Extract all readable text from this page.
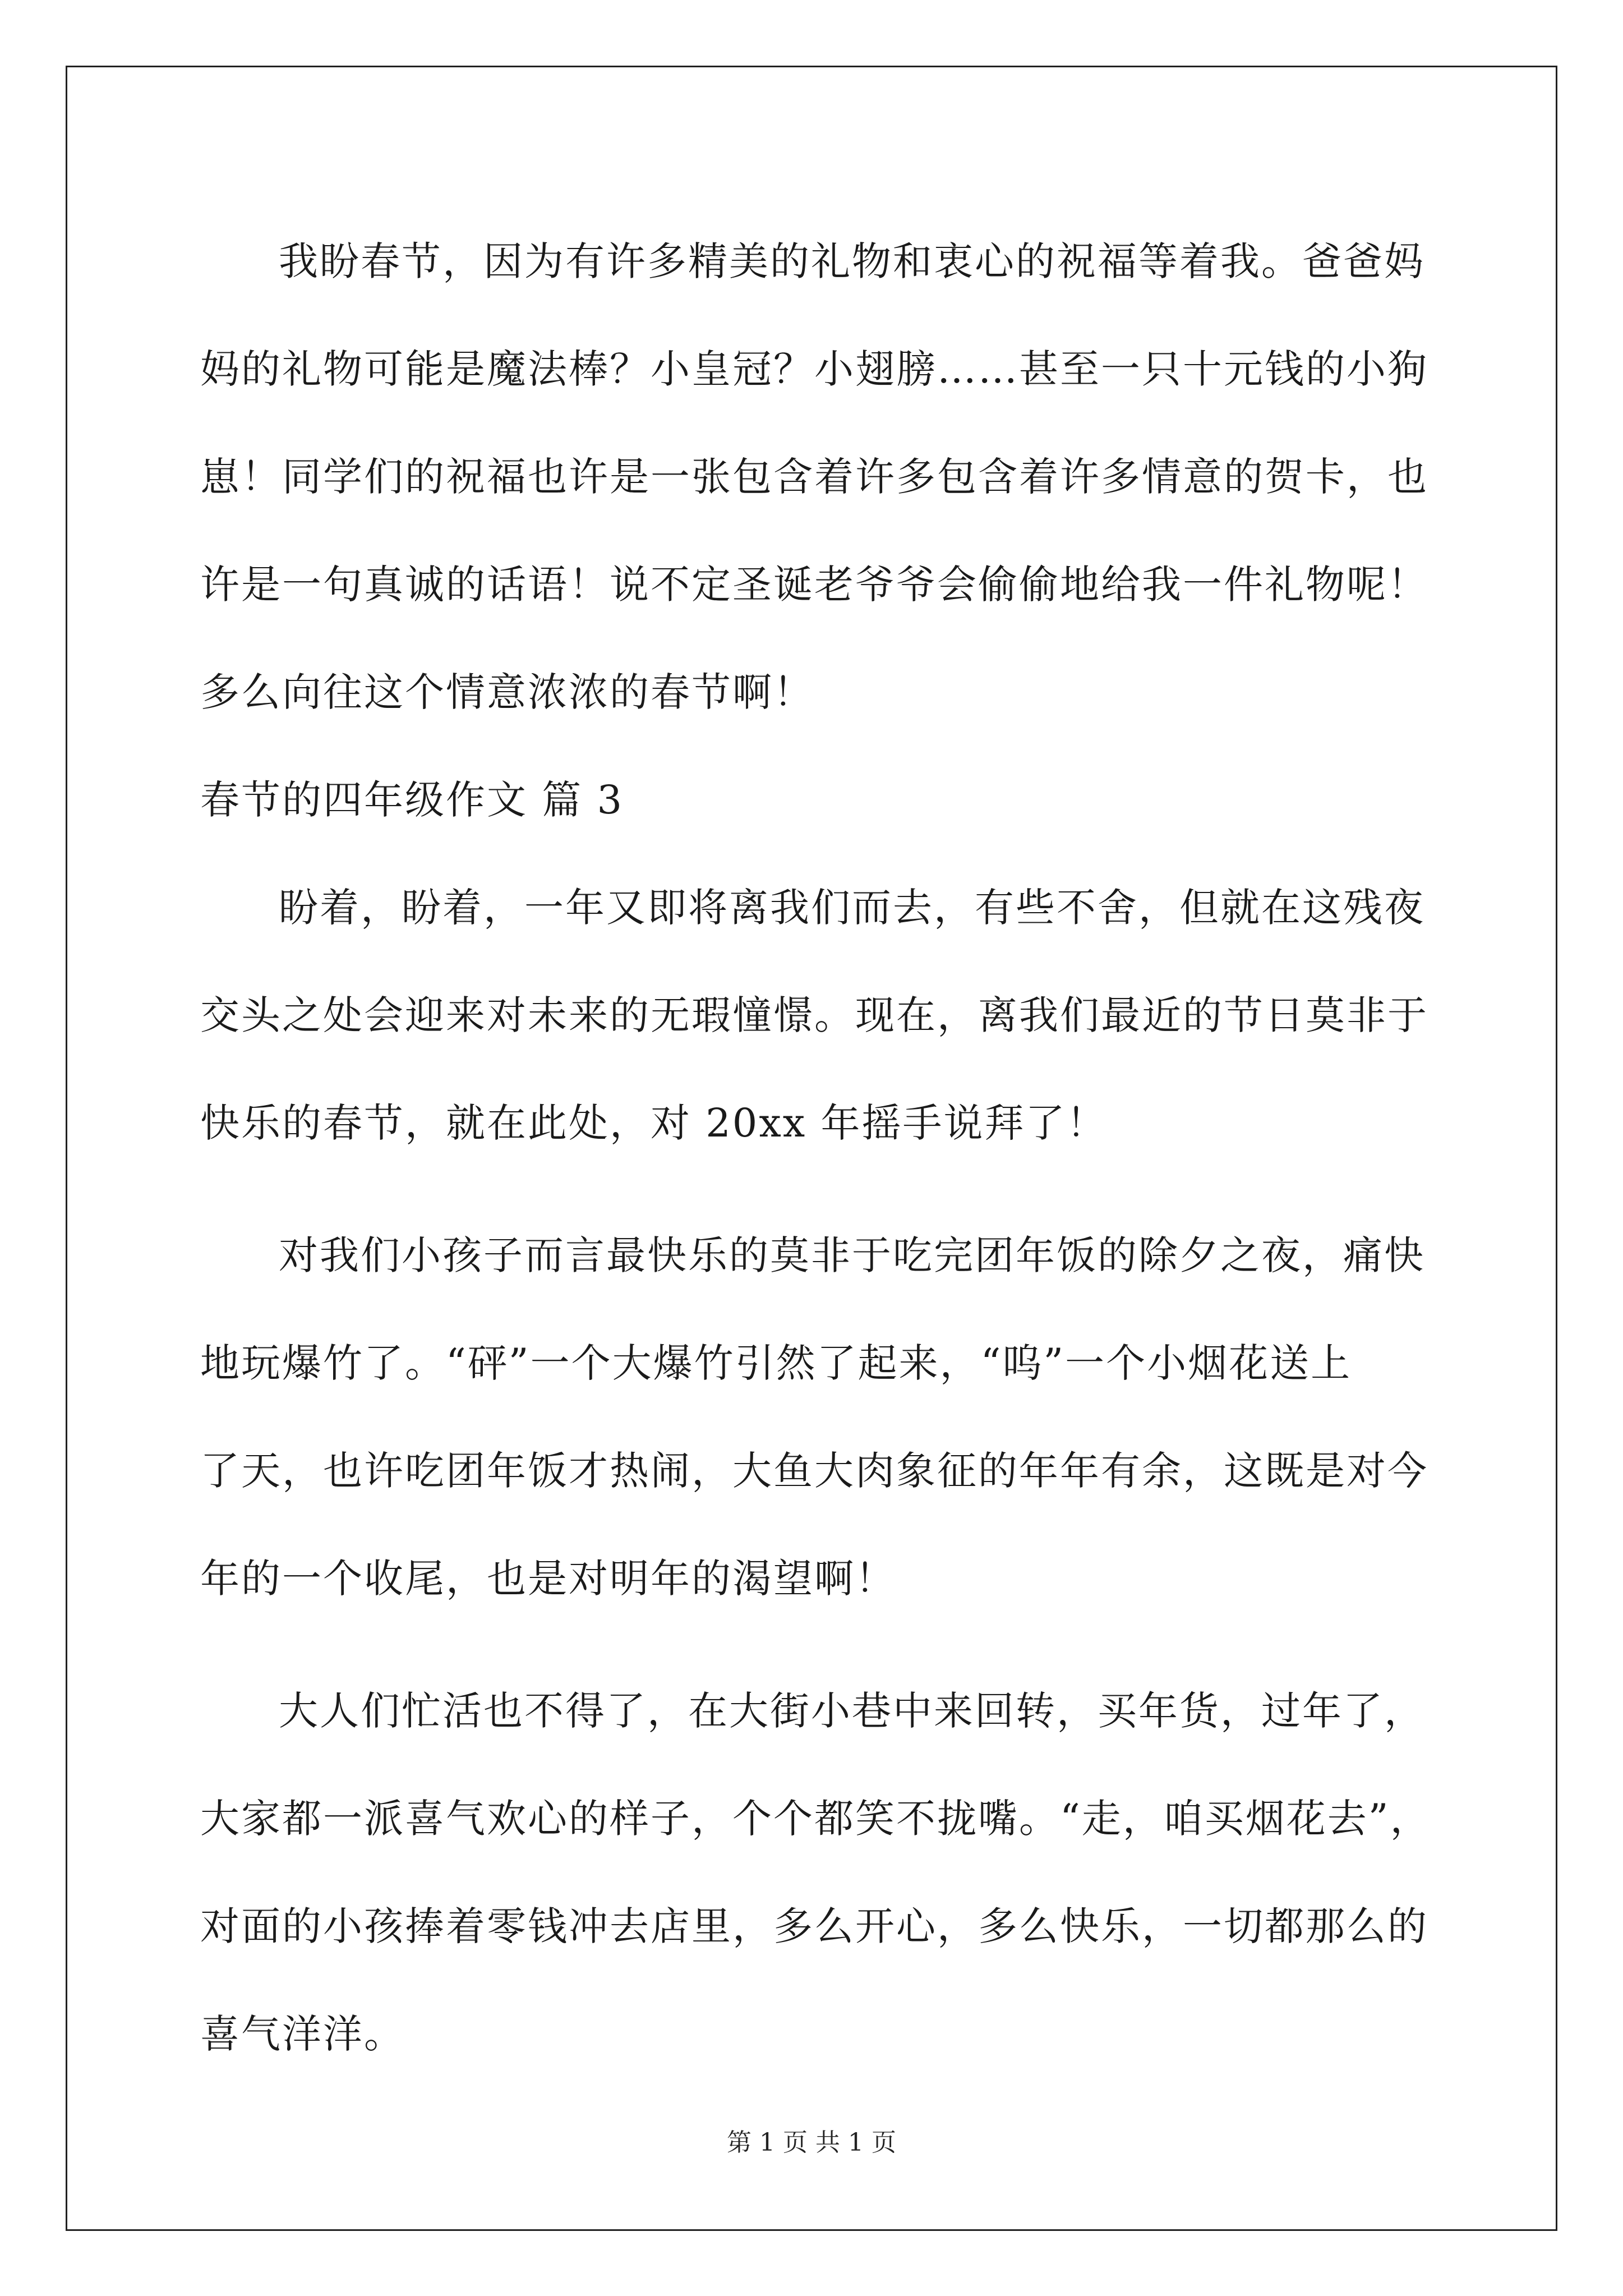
我盼春节，因为有许多精美的礼物和衷心的祝福等着我。爸爸妈
妈的礼物可能是魔法棒？小皇冠？小翅膀……甚至一只十元钱的小狗
崽！同学们的祝福也许是一张包含着许多包含着许多情意的贺卡，也
许是一句真诚的话语！说不定圣诞老爷爷会偷偷地给我一件礼物呢！
多么向往这个情意浓浓的春节啊！
春节的四年级作文 篇 3
盼着，盼着，一年又即将离我们而去，有些不舍，但就在这残夜
交头之处会迎来对未来的无瑕憧憬。现在，离我们最近的节日莫非于
快乐的春节，就在此处，对 20xx 年摇手说拜了！
对我们小孩子而言最快乐的莫非于吃完团年饭的除夕之夜，痛快
地玩爆竹了。“砰”一个大爆竹引然了起来，“呜”一个小烟花送上
了天，也许吃团年饭才热闹，大鱼大肉象征的年年有余，这既是对今
年的一个收尾，也是对明年的渴望啊！
大人们忙活也不得了，在大街小巷中来回转，买年货，过年了，
大家都一派喜气欢心的样子，个个都笑不拢嘴。“走，咱买烟花去”，
对面的小孩捧着零钱冲去店里，多么开心，多么快乐，一切都那么的
喜气洋洋。
第 1 页 共 1 页
